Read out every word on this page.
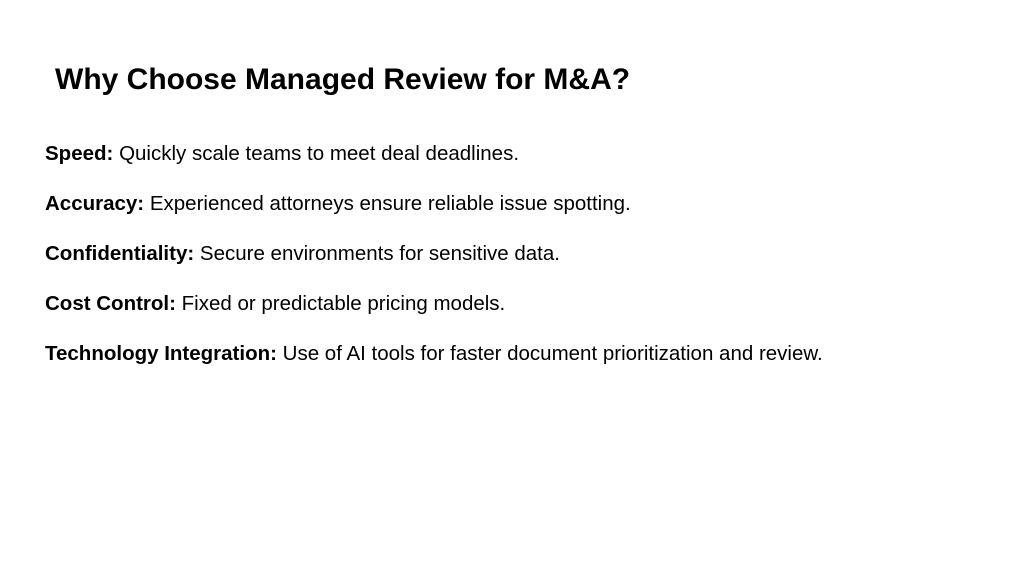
Why Choose Managed Review for M&A?
Speed: Quickly scale teams to meet deal deadlines.
Accuracy: Experienced attorneys ensure reliable issue spotting.
Confidentiality: Secure environments for sensitive data.
Cost Control: Fixed or predictable pricing models.
Technology Integration: Use of AI tools for faster document prioritization and review.
